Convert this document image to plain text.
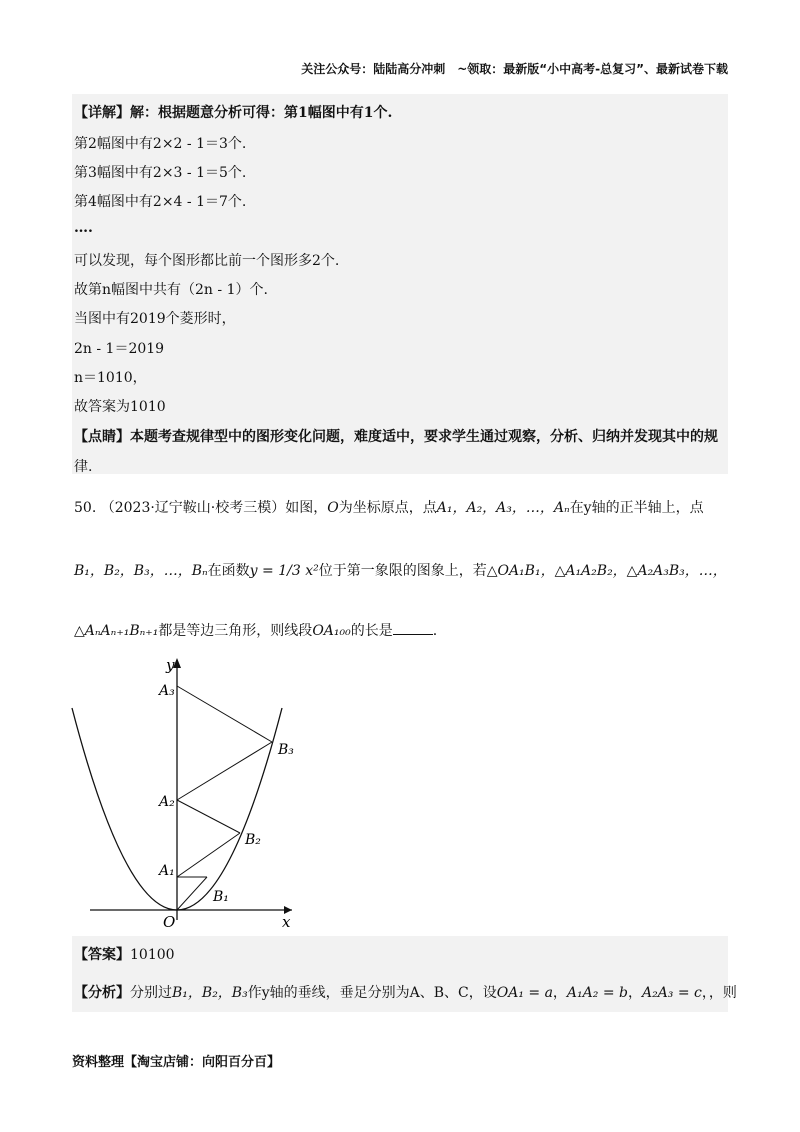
关注公众号：陆陆高分冲刺　~领取：最新版“小中高考-总复习”、最新试卷下载
【详解】解：根据题意分析可得：第1幅图中有1个.
第2幅图中有2×2 - 1＝3个.
第3幅图中有2×3 - 1＝5个.
第4幅图中有2×4 - 1＝7个.
….
可以发现，每个图形都比前一个图形多2个.
故第n幅图中共有（2n - 1）个.
当图中有2019个菱形时，
2n - 1＝2019
n＝1010，
故答案为1010
【点睛】本题考查规律型中的图形变化问题，难度适中，要求学生通过观察，分析、归纳并发现其中的规
律.
50. （2023·辽宁鞍山·校考三模）如图，O为坐标原点，点A₁，A₂，A₃，…，Aₙ在y轴的正半轴上，点
B₁，B₂，B₃，…，Bₙ在函数y = 1/3 x²位于第一象限的图象上，若△OA₁B₁，△A₁A₂B₂，△A₂A₃B₃，…，
△AₙAₙ₊₁Bₙ₊₁都是等边三角形，则线段OA₁₀₀的长是	.
y
x
O
A₁
A₂
A₃
B₁
B₂
B₃
【答案】10100
【分析】分别过B₁，B₂，B₃作y轴的垂线，垂足分别为A、B、C，设OA₁ = a，A₁A₂ = b，A₂A₃ = c，，则
资料整理【淘宝店铺：向阳百分百】
